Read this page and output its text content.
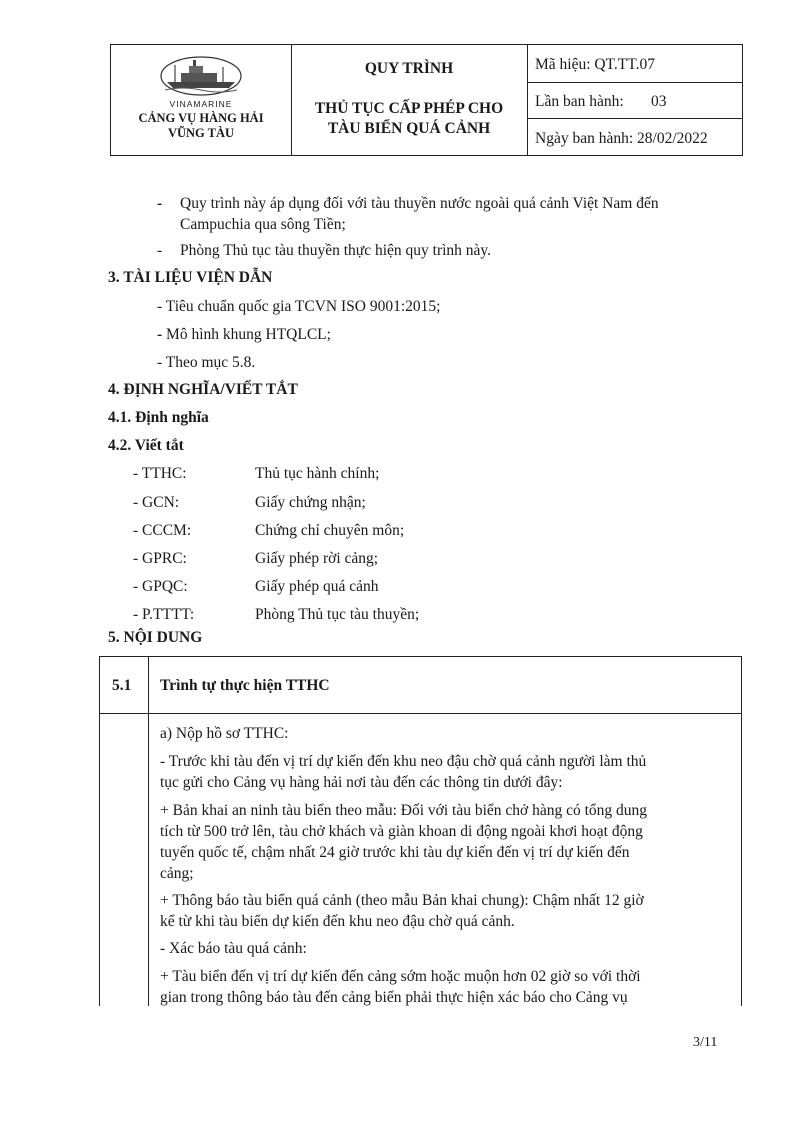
VINAMARINE
CẢNG VỤ HÀNG HẢI
VŨNG TÀU
QUY TRÌNH
THỦ TỤC CẤP PHÉP CHO
TÀU BIỂN QUÁ CẢNH
Mã hiệu: QT.TT.07
Lần ban hành: 03
Ngày ban hành: 28/02/2022
- Quy trình này áp dụng đối với tàu thuyền nước ngoài quá cảnh Việt Nam đến
Campuchia qua sông Tiền;
- Phòng Thủ tục tàu thuyền thực hiện quy trình này.
3. TÀI LIỆU VIỆN DẪN
- Tiêu chuẩn quốc gia TCVN ISO 9001:2015;
- Mô hình khung HTQLCL;
- Theo mục 5.8.
4. ĐỊNH NGHĨA/VIẾT TẮT
4.1. Định nghĩa
4.2. Viết tắt
- TTHC:	Thủ tục hành chính;
- GCN:	Giấy chứng nhận;
- CCCM:	Chứng chỉ chuyên môn;
- GPRC:	Giấy phép rời cảng;
- GPQC:	Giấy phép quá cảnh
- P.TTTT:	Phòng Thủ tục tàu thuyền;
5. NỘI DUNG
5.1 Trình tự thực hiện TTHC
a) Nộp hồ sơ TTHC:
- Trước khi tàu đến vị trí dự kiến đến khu neo đậu chờ quá cảnh người làm thủ
tục gửi cho Cảng vụ hàng hải nơi tàu đến các thông tin dưới đây:
+ Bản khai an ninh tàu biển theo mẫu: Đối với tàu biển chở hàng có tổng dung
tích từ 500 trở lên, tàu chở khách và giàn khoan di động ngoài khơi hoạt động
tuyến quốc tế, chậm nhất 24 giờ trước khi tàu dự kiến đến vị trí dự kiến đến
cảng;
+ Thông báo tàu biển quá cảnh (theo mẫu Bản khai chung): Chậm nhất 12 giờ
kể từ khi tàu biển dự kiến đến khu neo đậu chờ quá cảnh.
- Xác báo tàu quá cảnh:
+ Tàu biển đến vị trí dự kiến đến cảng sớm hoặc muộn hơn 02 giờ so với thời
gian trong thông báo tàu đến cảng biển phải thực hiện xác báo cho Cảng vụ
3/11
